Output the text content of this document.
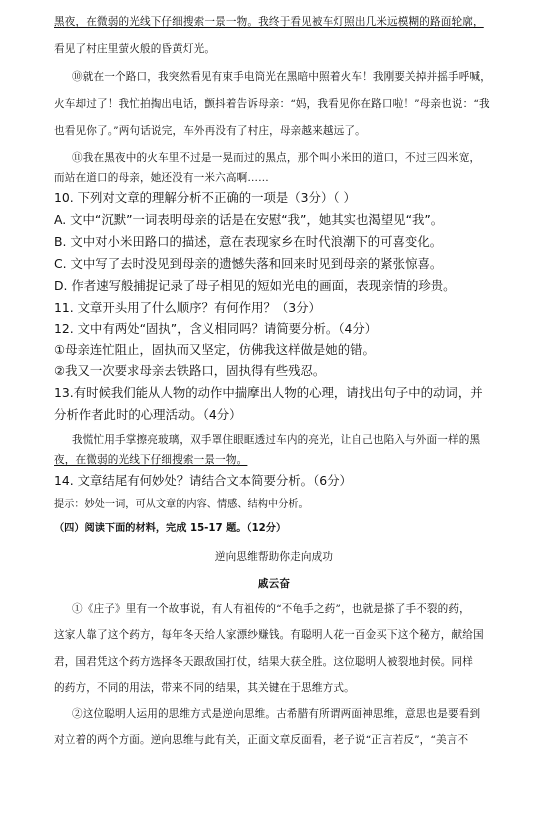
黑夜，在微弱的光线下仔细搜索一景一物。我终于看见被车灯照出几米远模糊的路面轮廓，
看见了村庄里萤火般的昏黄灯光。
⑩就在一个路口，我突然看见有束手电筒光在黑暗中照着火车！我刚要关掉并摇手呼喊，
火车却过了！我忙拍掏出电话，颤抖着告诉母亲：“妈，我看见你在路口啦！”母亲也说：“我
也看见你了。”两句话说完，车外再没有了村庄，母亲越来越远了。
⑪我在黑夜中的火车里不过是一晃而过的黑点，那个叫小米田的道口，不过三四米宽，
而站在道口的母亲，她还没有一米六高啊……
10. 下列对文章的理解分析不正确的一项是（3分）（ ）
A. 文中“沉默”一词表明母亲的话是在安慰“我”，她其实也渴望见“我”。
B. 文中对小米田路口的描述，意在表现家乡在时代浪潮下的可喜变化。
C. 文中写了去时没见到母亲的遗憾失落和回来时见到母亲的紧张惊喜。
D. 作者速写般捕捉记录了母子相见的短如光电的画面，表现亲情的珍贵。
11. 文章开头用了什么顺序？有何作用？（3分）
12. 文中有两处“固执”，含义相同吗？请简要分析。（4分）
①母亲连忙阻止，固执而又坚定，仿佛我这样做是她的错。
②我又一次要求母亲去铁路口，固执得有些残忍。
13.有时候我们能从人物的动作中揣摩出人物的心理，请找出句子中的动词，并
分析作者此时的心理活动。（4分）
我慌忙用手掌擦亮玻璃，双手罩住眼眶透过车内的亮光，让自己也陷入与外面一样的黑
夜，在微弱的光线下仔细搜索一景一物。
14. 文章结尾有何妙处？请结合文本简要分析。（6分）
提示：妙处一词，可从文章的内容、情感、结构中分析。
（四）阅读下面的材料，完成 15-17 题。（12分）
逆向思维帮助你走向成功
戚云奋
①《庄子》里有一个故事说，有人有祖传的“不龟手之药”，也就是搽了手不裂的药，
这家人靠了这个药方，每年冬天给人家漂纱赚钱。有聪明人花一百金买下这个秘方，献给国
君，国君凭这个药方选择冬天跟敌国打仗，结果大获全胜。这位聪明人被裂地封侯。同样
的药方，不同的用法，带来不同的结果，其关键在于思维方式。
②这位聪明人运用的思维方式是逆向思维。古希腊有所谓两面神思维，意思也是要看到
对立着的两个方面。逆向思维与此有关，正面文章反面看，老子说“正言若反”，“美言不
